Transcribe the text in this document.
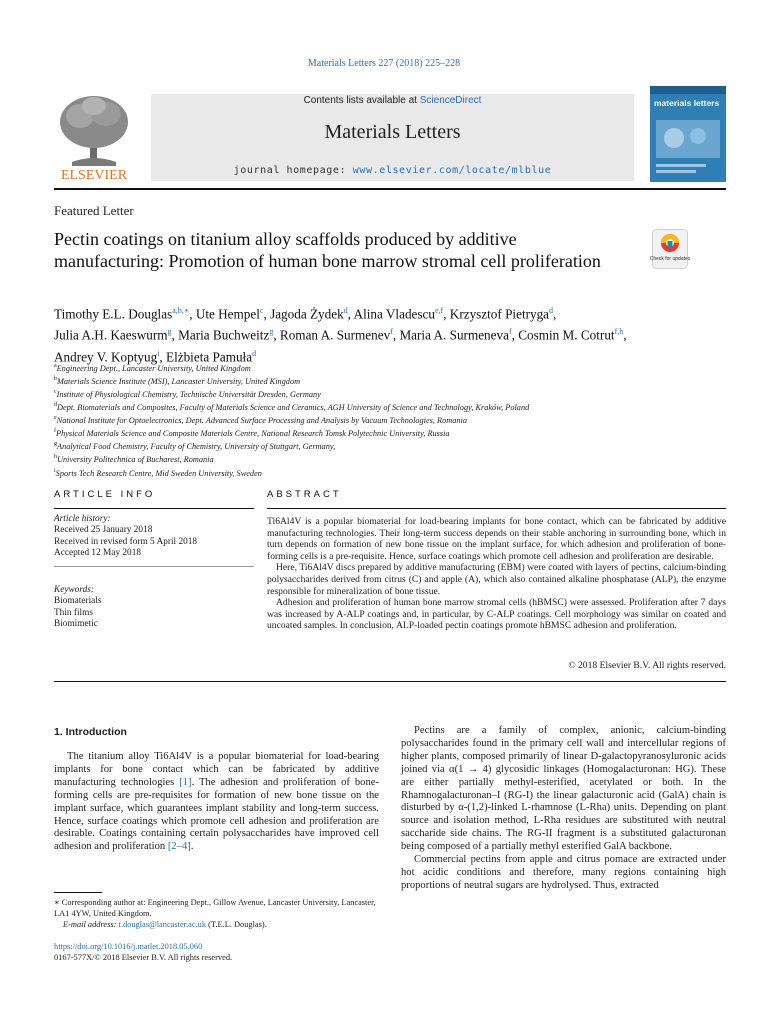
Materials Letters 227 (2018) 225–228
ELSEVIER
Contents lists available at ScienceDirect
Materials Letters
journal homepage: www.elsevier.com/locate/mlblue
materials letters
Featured Letter
Pectin coatings on titanium alloy scaffolds produced by additive manufacturing: Promotion of human bone marrow stromal cell proliferation	Check for updates
Timothy E.L. Douglas$^{a,b,∗}$, Ute Hempel$^c$, Jagoda Żydek$^d$, Alina Vladescu$^{e,f}$, Krzysztof Pietryga$^d$,
Julia A.H. Kaeswurm$^g$, Maria Buchweitz$^g$, Roman A. Surmenev$^f$, Maria A. Surmeneva$^f$, Cosmin M. Cotrut$^{f,h}$,
Andrey V. Koptyug$^i$, Elżbieta Pamuła$^d$
$^a$Engineering Dept., Lancaster University, United Kingdom
$^b$Materials Science Institute (MSI), Lancaster University, United Kingdom
$^c$Institute of Physiological Chemistry, Technische Universität Dresden, Germany
$^d$Dept. Biomaterials and Composites, Faculty of Materials Science and Ceramics, AGH University of Science and Technology, Kraków, Poland
$^e$National Institute for Optoelectronics, Dept. Advanced Surface Processing and Analysis by Vacuum Technologies, Romania
$^f$Physical Materials Science and Composite Materials Centre, National Research Tomsk Polytechnic University, Russia
$^g$Analytical Food Chemistry, Faculty of Chemistry, University of Stuttgart, Germany,
$^h$University Politechnica of Bucharest, Romania
$^i$Sports Tech Research Centre, Mid Sweden University, Sweden
ARTICLE INFO	ABSTRACT
Article history:
Received 25 January 2018
Received in revised form 5 April 2018
Accepted 12 May 2018
Keywords:
Biomaterials
Thin films
Biomimetic

Ti6Al4V is a popular biomaterial for load-bearing implants for bone contact, which can be fabricated by additive manufacturing technologies. Their long-term success depends on their stable anchoring in surrounding bone, which in turn depends on formation of new bone tissue on the implant surface, for which adhesion and proliferation of bone-forming cells is a pre-requisite. Hence, surface coatings which promote cell adhesion and proliferation are desirable.

Here, Ti6Al4V discs prepared by additive manufacturing (EBM) were coated with layers of pectins, calcium-binding polysaccharides derived from citrus (C) and apple (A), which also contained alkaline phosphatase (ALP), the enzyme responsible for mineralization of bone tissue.

Adhesion and proliferation of human bone marrow stromal cells (hBMSC) were assessed. Proliferation after 7 days was increased by A-ALP coatings and, in particular, by C-ALP coatings. Cell morphology was similar on coated and uncoated samples. In conclusion, ALP-loaded pectin coatings promote hBMSC adhesion and proliferation.

© 2018 Elsevier B.V. All rights reserved.
1. Introduction

The titanium alloy Ti6Al4V is a popular biomaterial for load-bearing implants for bone contact which can be fabricated by additive manufacturing technologies [1]. The adhesion and proliferation of bone-forming cells are pre-requisites for formation of new bone tissue on the implant surface, which guarantees implant stability and long-term success. Hence, surface coatings which promote cell adhesion and proliferation are desirable. Coatings containing certain polysaccharides have improved cell adhesion and proliferation [2–4].

Pectins are a family of complex, anionic, calcium-binding polysaccharides found in the primary cell wall and intercellular regions of higher plants, composed primarily of linear D-galactopyranosyluronic acids joined via α(1 → 4) glycosidic linkages (Homogalacturonan: HG). These are either partially methyl-esterified, acetylated or both. In the Rhamnogalacturonan–I (RG-I) the linear galacturonic acid (GalA) chain is disturbed by α-(1,2)-linked L-rhamnose (L-Rha) units. Depending on plant source and isolation method, L-Rha residues are substituted with neutral saccharide side chains. The RG-II fragment is a substituted galacturonan being composed of a partially methyl esterified GalA backbone.

Commercial pectins from apple and citrus pomace are extracted under hot acidic conditions and therefore, many regions containing high proportions of neutral sugars are hydrolysed. Thus, extracted

∗ Corresponding author at: Engineering Dept., Gillow Avenue, Lancaster University, Lancaster, LA1 4YW, United Kingdom.
E-mail address: t.douglas@lancaster.ac.uk (T.E.L. Douglas).
https://doi.org/10.1016/j.matlet.2018.05.060
0167-577X/© 2018 Elsevier B.V. All rights reserved.
